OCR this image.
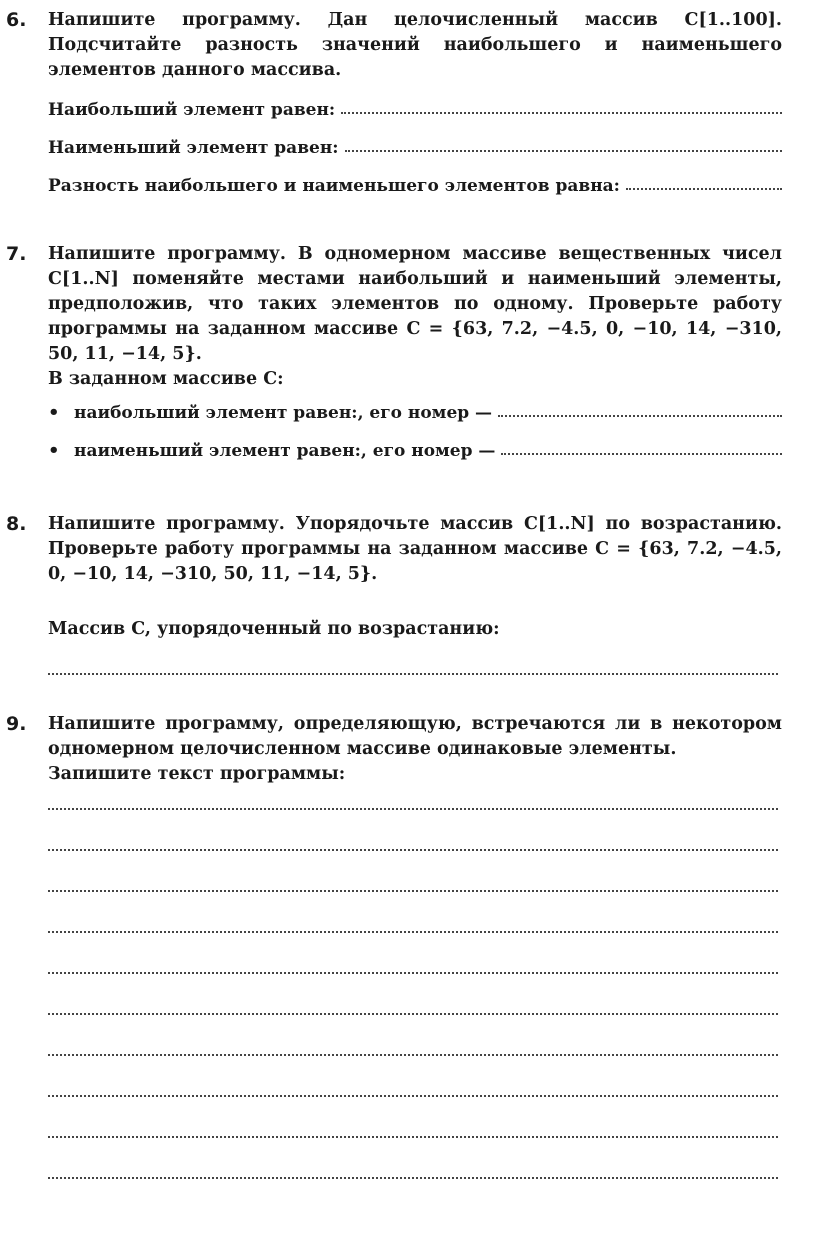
6. Напишите программу. Дан целочисленный массив C[1..100]. Подсчитайте разность значений наибольшего и наименьшего элементов данного массива.
Наибольший элемент равен:
Наименьший элемент равен:
Разность наибольшего и наименьшего элементов равна:
7. Напишите программу. В одномерном массиве вещественных чисел C[1..N] поменяйте местами наибольший и наименьший элементы, предположив, что таких элементов по одному. Проверьте работу программы на заданном массиве C = {63, 7.2, −4.5, 0, −10, 14, −310, 50, 11, −14, 5}.
В заданном массиве C:
• наибольший элемент равен: , его номер —
• наименьший элемент равен: , его номер —
8. Напишите программу. Упорядочьте массив C[1..N] по возрастанию. Проверьте работу программы на заданном массиве C = {63, 7.2, −4.5, 0, −10, 14, −310, 50, 11, −14, 5}.
Массив C, упорядоченный по возрастанию:
9. Напишите программу, определяющую, встречаются ли в некотором одномерном целочисленном массиве одинаковые элементы.
Запишите текст программы:
